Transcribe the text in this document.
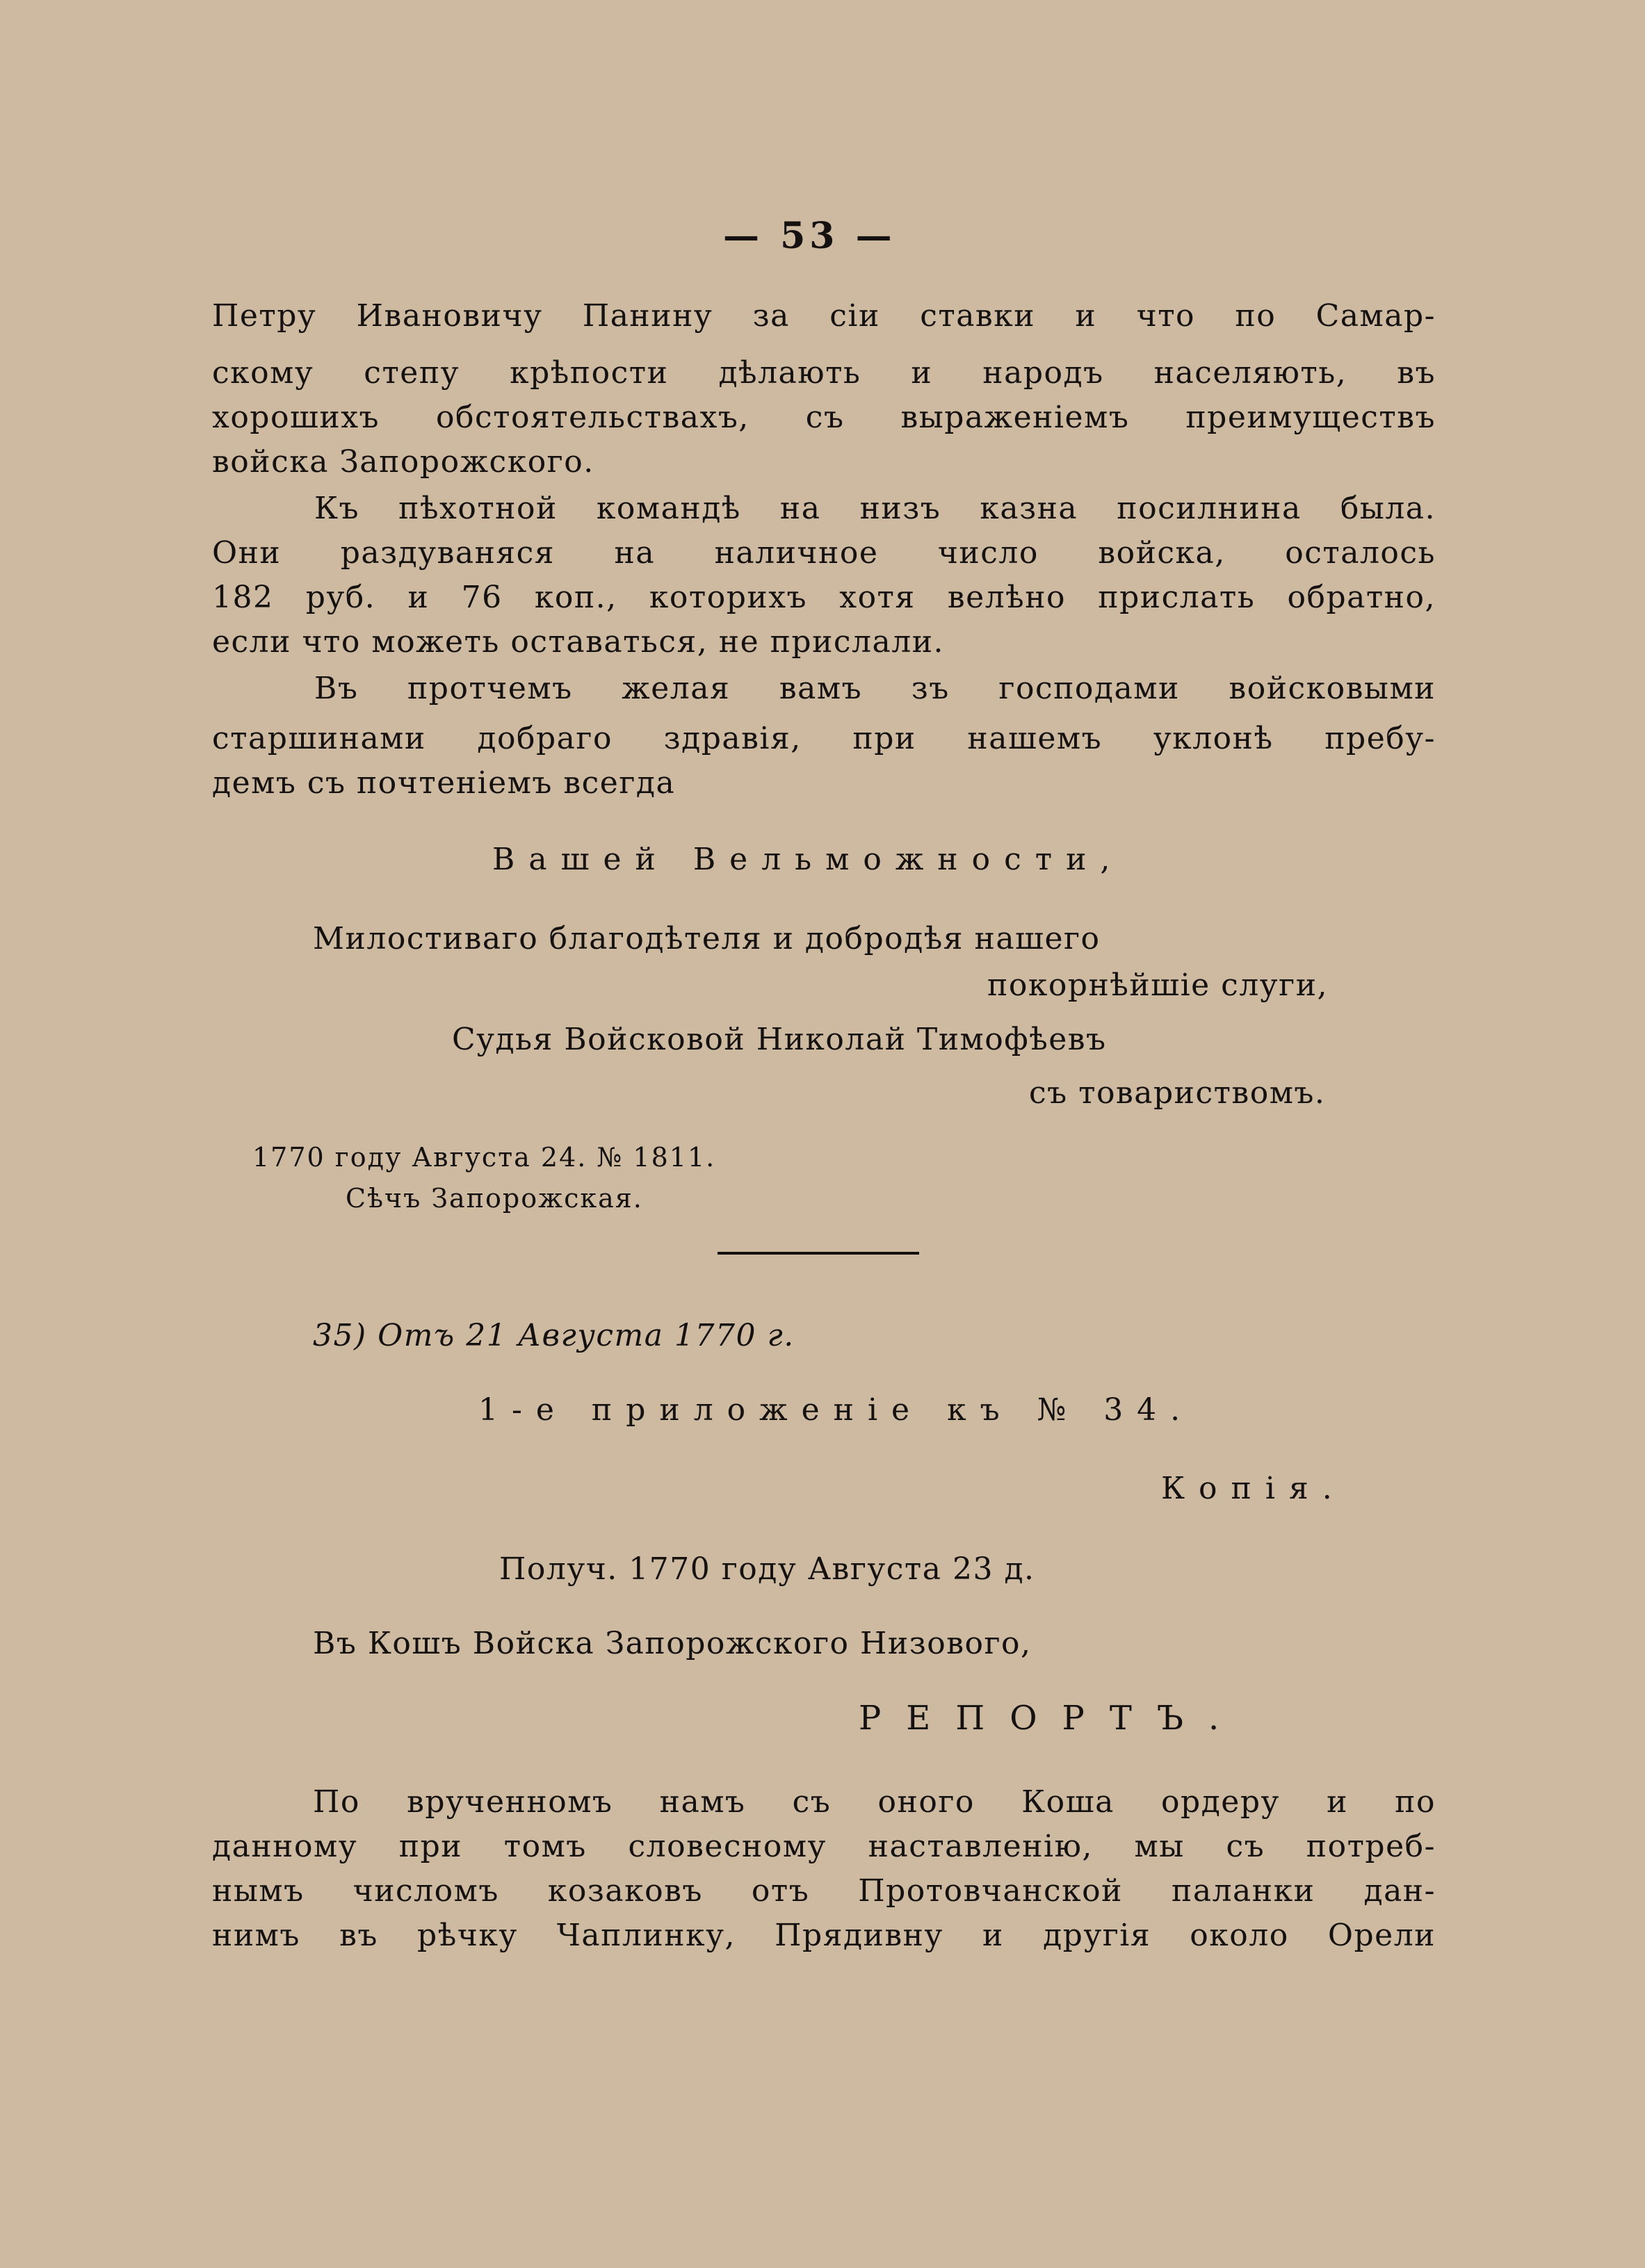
— 53 —
Петру Ивановичу Панину за сіи ставки и что по Самар-
скому степу крѣпости дѣлають и народъ населяють, въ
хорошихъ обстоятельствахъ, съ выраженіемъ преимуществъ
войска Запорожского.
Къ пѣхотной командѣ на низъ казна посилнина была.
Они раздуваняся на наличное число войска, осталось
182 руб. и 76 коп., которихъ хотя велѣно прислать обратно,
если что можеть оставаться, не прислали.
Въ протчемъ желая вамъ зъ господами войсковыми
старшинами добраго здравія, при нашемъ уклонѣ пребу-
демъ съ почтеніемъ всегда
Вашей Вельможности,
Милостиваго благодѣтеля и добродѣя нашего
покорнѣйшіе слуги,
Судья Войсковой Николай Тимофѣевъ
съ товариствомъ.
1770 году Августа 24. № 1811.
Сѣчъ Запорожская.
35) Отъ 21 Августа 1770 г.
1-е приложеніе къ № 34.
Копія.
Получ. 1770 году Августа 23 д.
Въ Кошъ Войска Запорожского Низового,
РЕПОРТЪ.
По врученномъ намъ съ оного Коша ордеру и по
данному при томъ словесному наставленію, мы съ потреб-
нымъ числомъ козаковъ отъ Протовчанской паланки дан-
нимъ въ рѣчку Чаплинку, Прядивну и другія около Орели
